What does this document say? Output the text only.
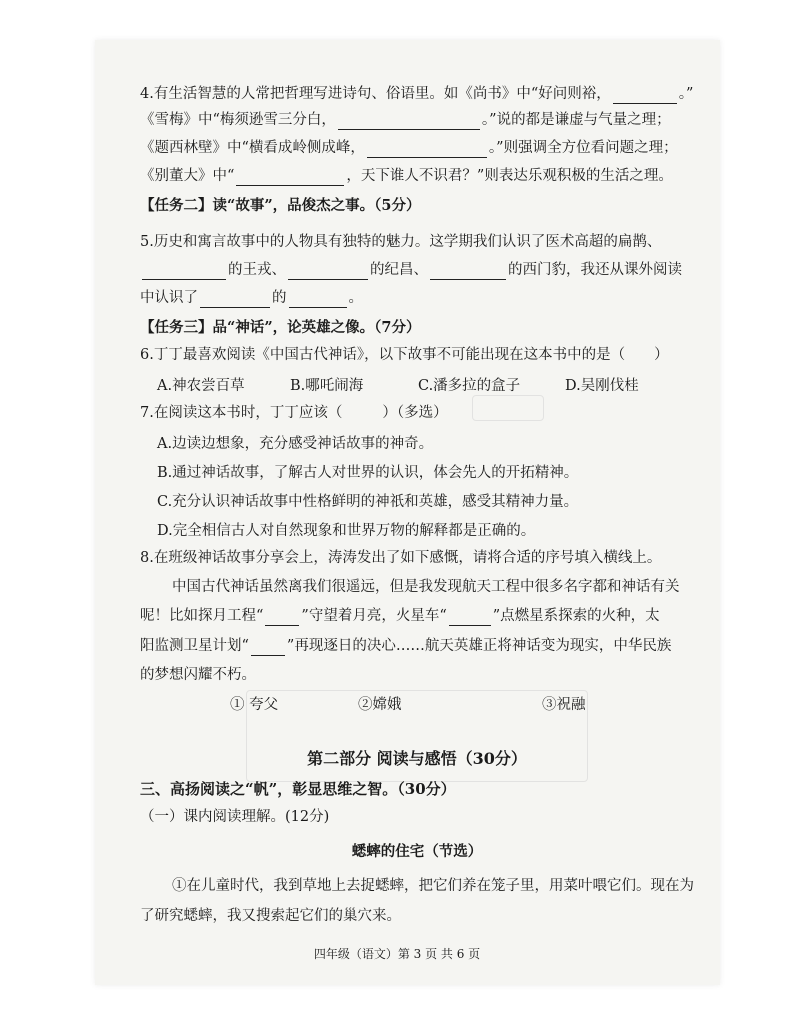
4.有生活智慧的人常把哲理写进诗句、俗语里。如《尚书》中“好问则裕，	。”
《雪梅》中“梅须逊雪三分白，	。”说的都是谦虚与气量之理；
《题西林壁》中“横看成岭侧成峰，	。”则强调全方位看问题之理；
《别董大》中“	，天下谁人不识君？”则表达乐观积极的生活之理。
【任务二】读“故事”，品俊杰之事。（5分）
5.历史和寓言故事中的人物具有独特的魅力。这学期我们认识了医术高超的扁鹊、
的王戎、	的纪昌、	的西门豹，我还从课外阅读
中认识了	的	。
【任务三】品“神话”，论英雄之像。（7分）
6.丁丁最喜欢阅读《中国古代神话》，以下故事不可能出现在这本书中的是（　　）
A.神农尝百草	B.哪吒闹海	C.潘多拉的盒子	D.吴刚伐桂
7.在阅读这本书时，丁丁应该（	）（多选）
A.边读边想象，充分感受神话故事的神奇。
B.通过神话故事，了解古人对世界的认识，体会先人的开拓精神。
C.充分认识神话故事中性格鲜明的神祇和英雄，感受其精神力量。
D.完全相信古人对自然现象和世界万物的解释都是正确的。
8.在班级神话故事分享会上，涛涛发出了如下感慨，请将合适的序号填入横线上。
中国古代神话虽然离我们很遥远，但是我发现航天工程中很多名字都和神话有关
呢！比如探月工程“	”守望着月亮，火星车“	”点燃星系探索的火种，太
阳监测卫星计划“	”再现逐日的决心……航天英雄正将神话变为现实，中华民族
的梦想闪耀不朽。
① 夸父	②嫦娥	③祝融
第二部分 阅读与感悟（30分）
三、高扬阅读之“帆”，彰显思维之智。（30分）
（一）课内阅读理解。(12分)
蟋蟀的住宅（节选）
①在儿童时代，我到草地上去捉蟋蟀，把它们养在笼子里，用菜叶喂它们。现在为
了研究蟋蟀，我又搜索起它们的巢穴来。
四年级（语文）第 3 页 共 6 页
